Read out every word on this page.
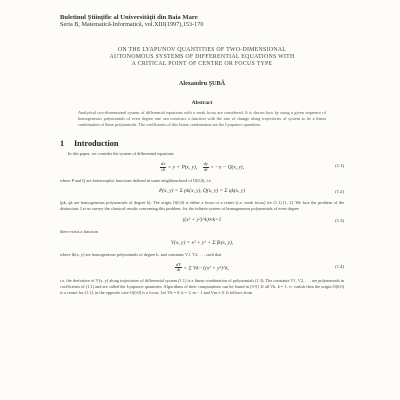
Buletinul Ştiinţific al Universităţii din Baia Mare
Seria B, Matematică-Informatică, vol.XIII(1997),153-170
ON THE LYAPUNOV QUANTITIES OF TWO-DIMENSIONAL
AUTONOMOUS SYSTEMS OF DIFFERENTIAL EQUATIONS WITH
A CRITICAL POINT OF CENTRE OR FOCUS TYPE
Alexandru ŞUBĂ
Abstract

Analytical two-dimensional system of differential equations with a weak focus are considered. It is shown how by using a given sequence of homogeneous polynomials of even degree one can construct a function with the rate of change along trajectories of system to be a linear combination of these polynomials. The coefficients of this linear combination are the Lyapunov quantities.

1 Introduction

In this paper, we consider the system of differential equations

$\frac{dx}{dt} = y + P(x$, y), $\frac{dy}{dt} = -x - Q(x$, y),	(1.1)

where P and Q are holomorphic functions defined in some neighbourhood of O(0,0), i.e.

P(x, y) = Σ pk(x, y), Q(x, y) = Σ qk(x, y)	(1.2)

(pk, qk are homogeneous polynomials of degree k). The origin O(0,0) is either a focus or a centre (i.e. weak focus) for (1.1) [1, 2]. We face the problem of the distinction. Let us survey the classical results concerning this problem: for the infinite system of homogeneous polynomials of even degree

((x² + y²)^k)∞k=1	(1.3)

there exists a function

V(x, y) = x² + y² + Σ fk(x, y),

where fk(x, y) are homogeneous polynomials of degree k, and constants V1, V2, . . . such that

$\frac{dV}{dt} = \Sigma$ Vk−1(x² + y²)^k,	(1.4)

i.e. the derivative of V(x, y) along trajectories of differential system (1.1) is a linear combination of polynomials (1.3). The constants V1, V2, . . . are polynomials in coefficients of (1.1) and are called the Lyapunov quantities. Algorithms of their computations can be found in [3-9]. If all Vk, k = 1, ∞, vanish then the origin O(0,0) is a centre for (1.1), in the opposite case O(0,0) is a focus. Let Vk = 0, k = 1, m − 1 and Vm ≠ 0. It follows from
